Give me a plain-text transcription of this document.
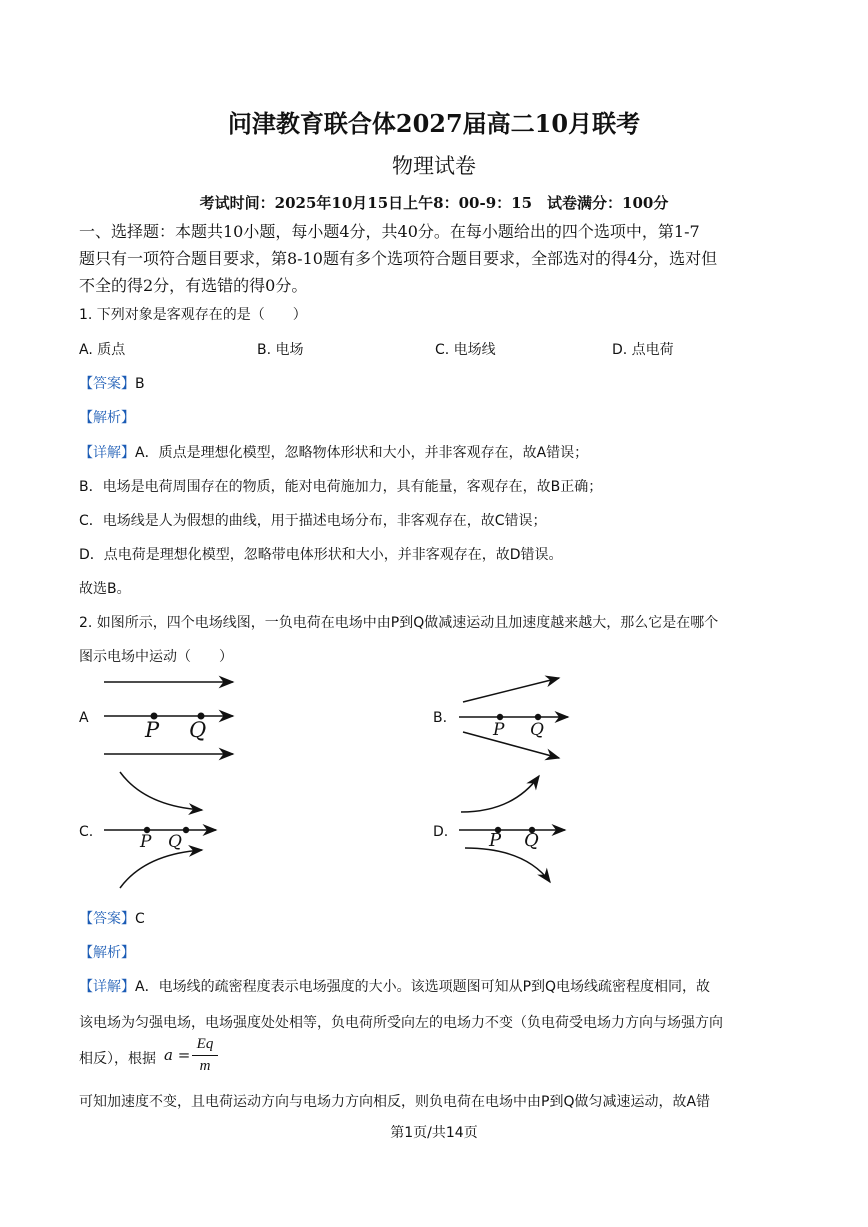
问津教育联合体2027届高二10月联考
物理试卷
考试时间：2025年10月15日上午8：00-9：15　试卷满分：100分
一、选择题：本题共10小题，每小题4分，共40分。在每小题给出的四个选项中，第1-7
题只有一项符合题目要求，第8-10题有多个选项符合题目要求，全部选对的得4分，选对但
不全的得2分，有选错的得0分。
1. 下列对象是客观存在的是（　　）
A. 质点	B. 电场	C. 电场线	D. 点电荷
【答案】B
【解析】
【详解】A．质点是理想化模型，忽略物体形状和大小，并非客观存在，故A错误；
B．电场是电荷周围存在的物质，能对电荷施加力，具有能量，客观存在，故B正确；
C．电场线是人为假想的曲线，用于描述电场分布，非客观存在，故C错误；
D．点电荷是理想化模型，忽略带电体形状和大小，并非客观存在，故D错误。
故选B。
2. 如图所示，四个电场线图，一负电荷在电场中由P到Q做减速运动且加速度越来越大，那么它是在哪个
图示电场中运动（　　）
A	B.
C.	D.
P Q	P Q
P Q	P Q
【答案】C
【解析】
【详解】A．电场线的疏密程度表示电场强度的大小。该选项题图可知从P到Q电场线疏密程度相同，故
该电场为匀强电场，电场强度处处相等，负电荷所受向左的电场力不变（负电荷受电场力方向与场强方向
相反），根据 a =
Eq
m
可知加速度不变，且电荷运动方向与电场力方向相反，则负电荷在电场中由P到Q做匀减速运动，故A错
第1页/共14页
